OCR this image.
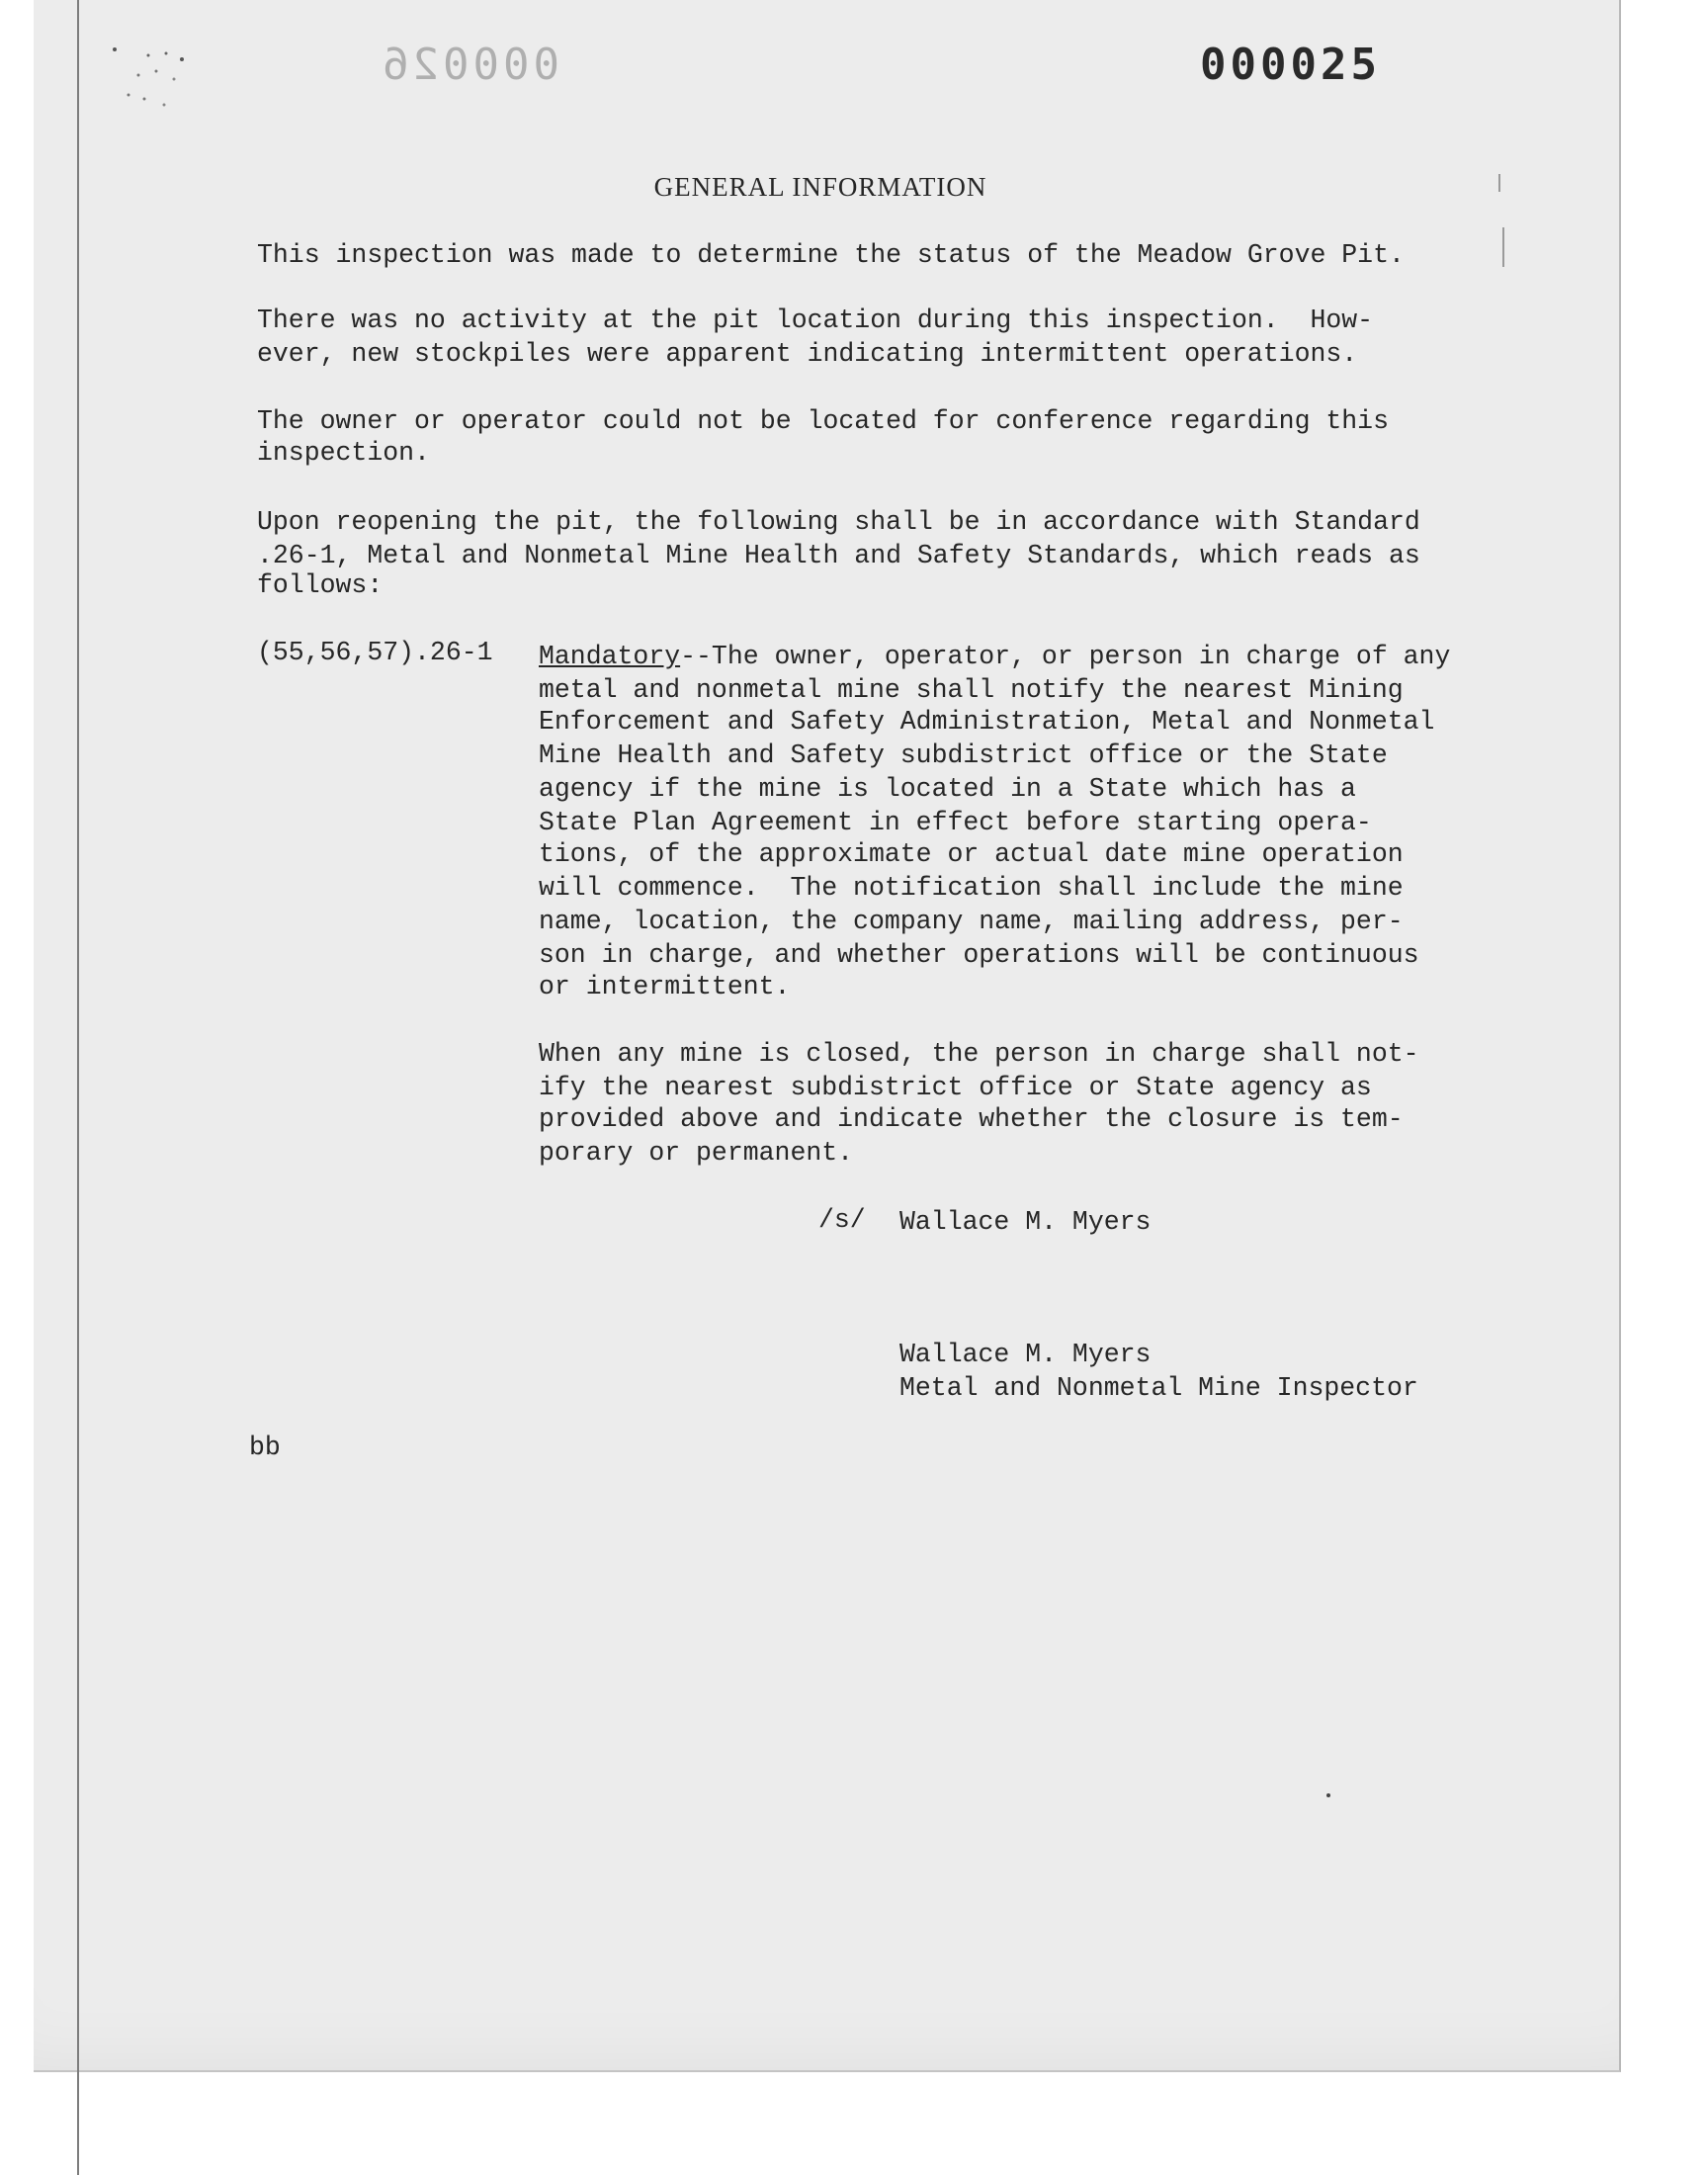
000026	000025
GENERAL INFORMATION
This inspection was made to determine the status of the Meadow Grove Pit.
There was no activity at the pit location during this inspection.  How-
ever, new stockpiles were apparent indicating intermittent operations.
The owner or operator could not be located for conference regarding this
inspection.
Upon reopening the pit, the following shall be in accordance with Standard
.26-1, Metal and Nonmetal Mine Health and Safety Standards, which reads as
follows:
(55,56,57).26-1 Mandatory--The owner, operator, or person in charge of any
metal and nonmetal mine shall notify the nearest Mining
Enforcement and Safety Administration, Metal and Nonmetal
Mine Health and Safety subdistrict office or the State
agency if the mine is located in a State which has a
State Plan Agreement in effect before starting opera-
tions, of the approximate or actual date mine operation
will commence.  The notification shall include the mine
name, location, the company name, mailing address, per-
son in charge, and whether operations will be continuous
or intermittent.
When any mine is closed, the person in charge shall not-
ify the nearest subdistrict office or State agency as
provided above and indicate whether the closure is tem-
porary or permanent.
/s/ Wallace M. Myers
Wallace M. Myers
Metal and Nonmetal Mine Inspector
bb
